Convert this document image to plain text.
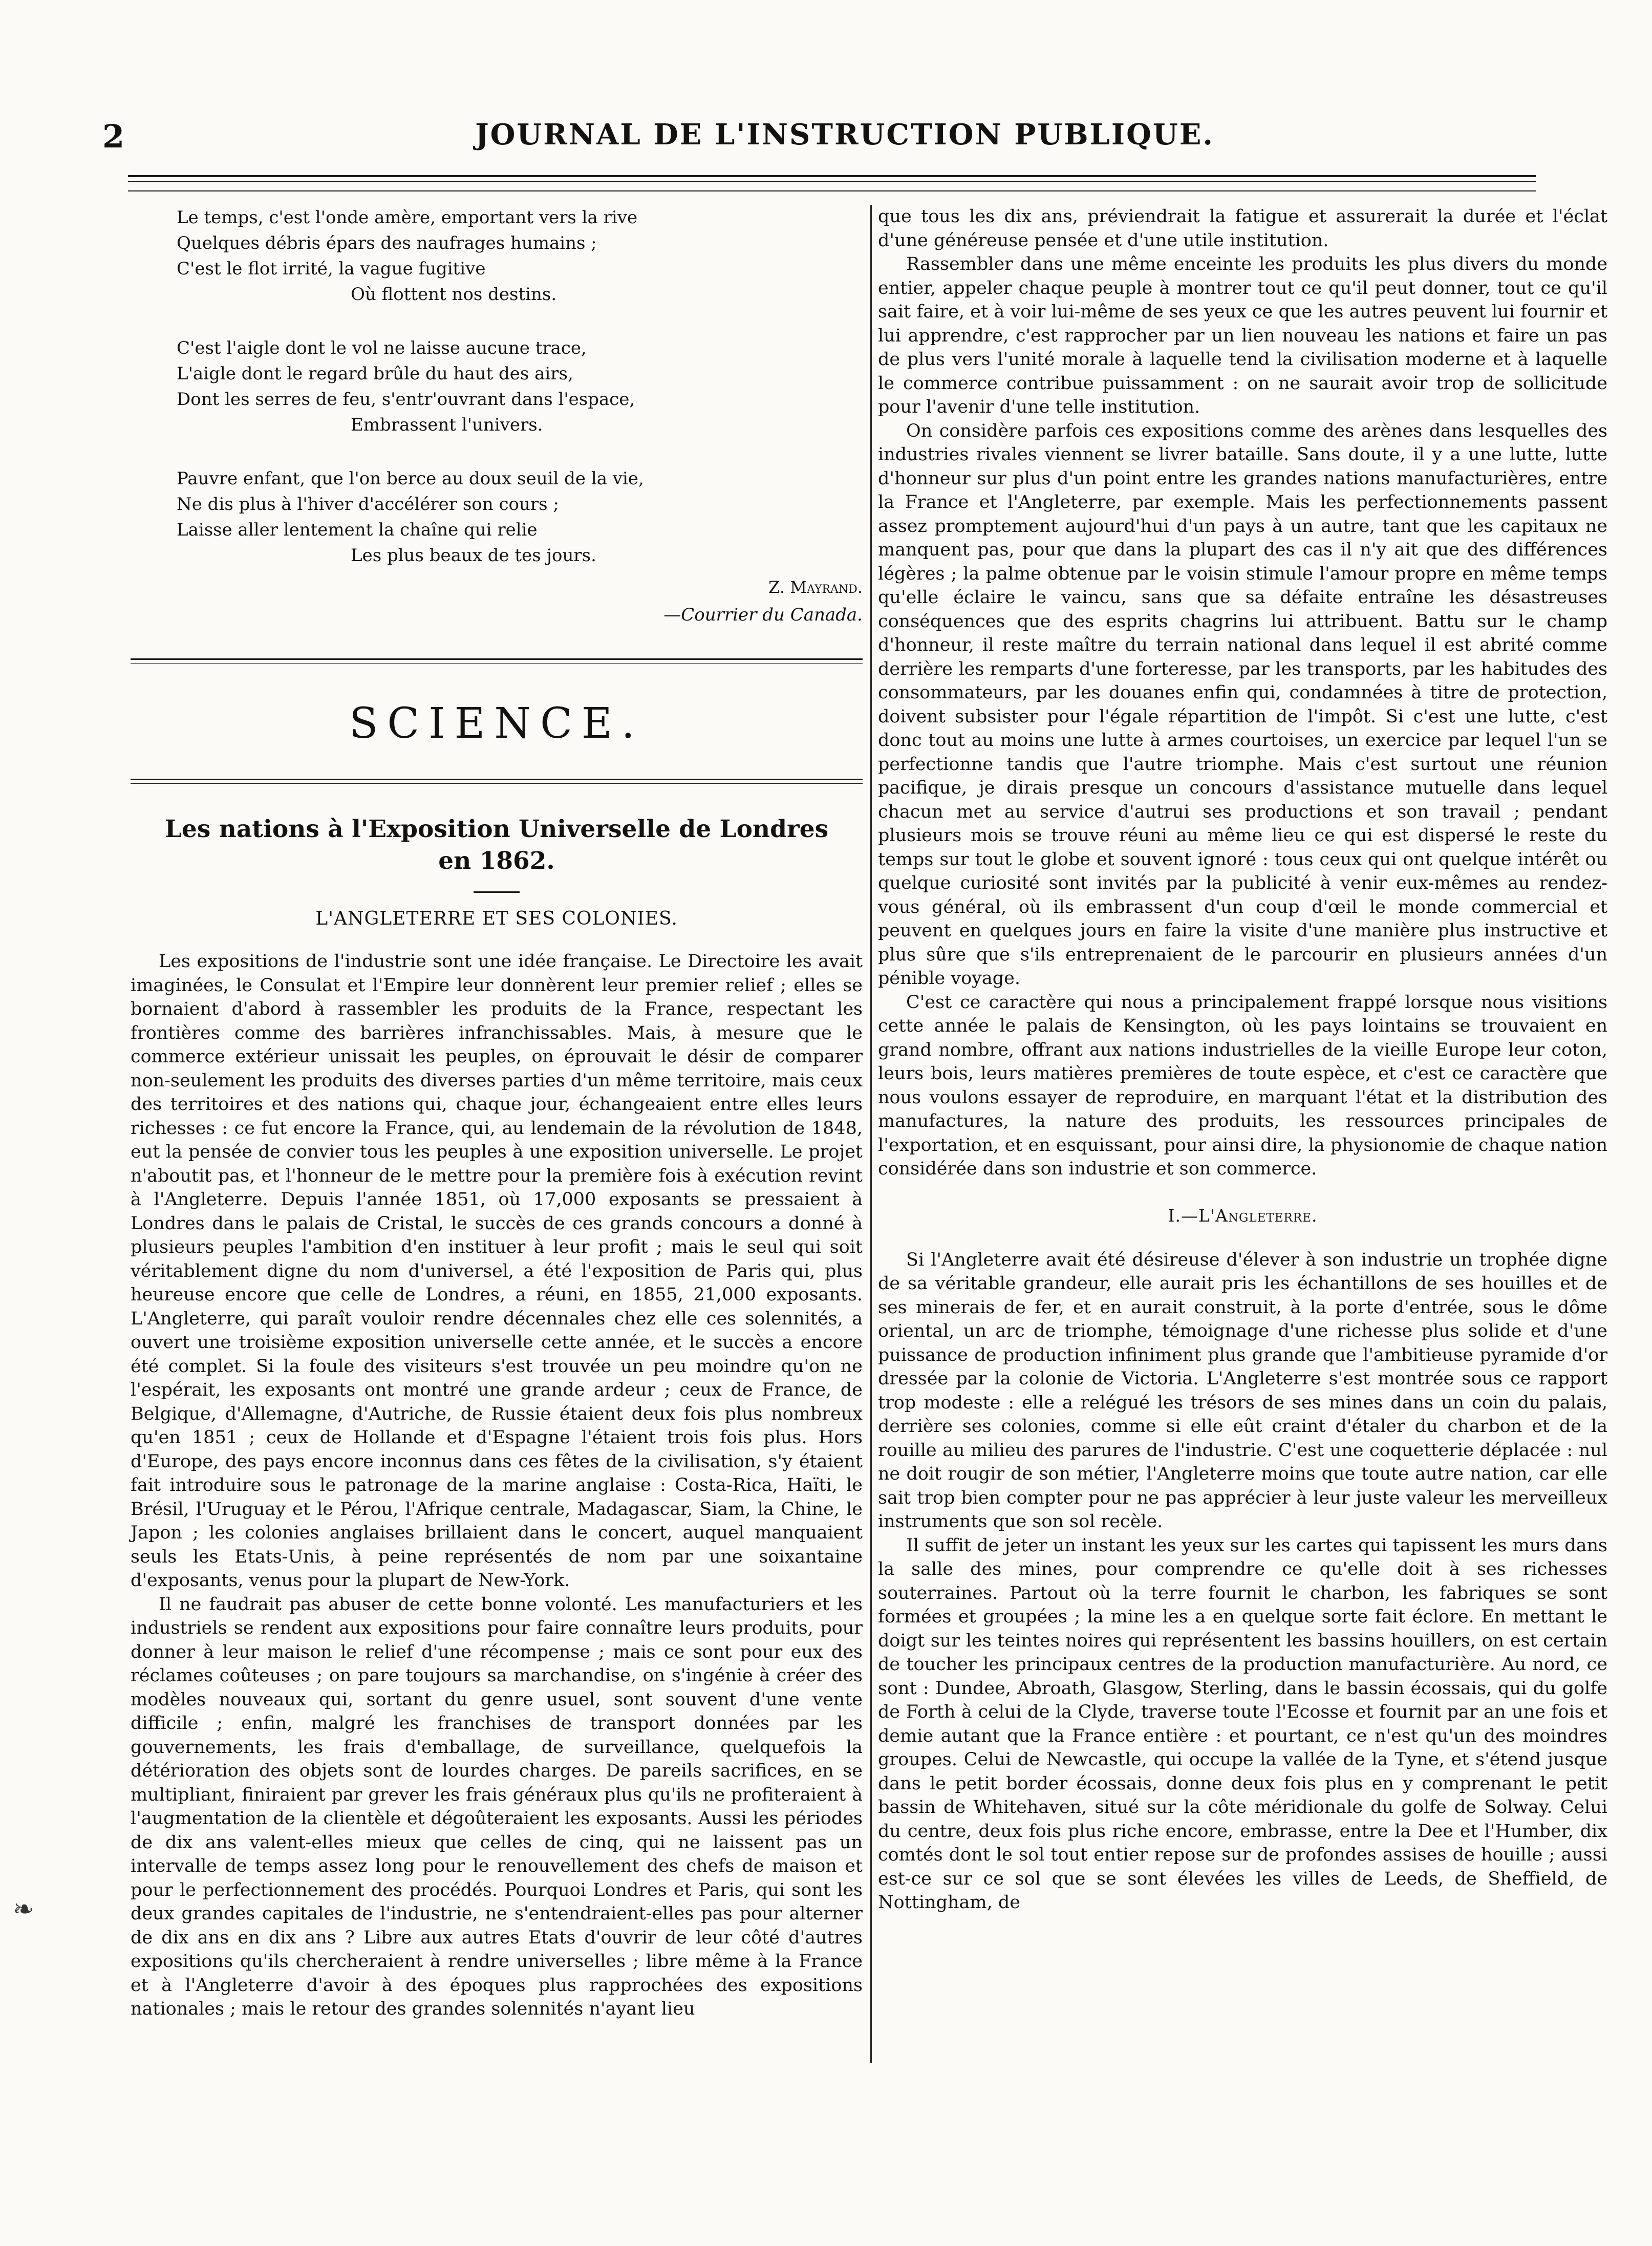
2	JOURNAL DE L'INSTRUCTION PUBLIQUE.

Le temps, c'est l'onde amère, emportant vers la rive

Quelques débris épars des naufrages humains ;

C'est le flot irrité, la vague fugitive

Où flottent nos destins.

C'est l'aigle dont le vol ne laisse aucune trace,

L'aigle dont le regard brûle du haut des airs,

Dont les serres de feu, s'entr'ouvrant dans l'espace,

Embrassent l'univers.

Pauvre enfant, que l'on berce au doux seuil de la vie,

Ne dis plus à l'hiver d'accélérer son cours ;

Laisse aller lentement la chaîne qui relie

Les plus beaux de tes jours.

Z. Mayrand.
—Courrier du Canada.
SCIENCE.
Les nations à l'Exposition Universelle de Londres en 1862.
L'ANGLETERRE ET SES COLONIES.

Les expositions de l'industrie sont une idée française. Le Directoire les avait imaginées, le Consulat et l'Empire leur donnèrent leur premier relief ; elles se bornaient d'abord à rassembler les produits de la France, respectant les frontières comme des barrières infranchissables. Mais, à mesure que le commerce extérieur unissait les peuples, on éprouvait le désir de comparer non-seulement les produits des diverses parties d'un même territoire, mais ceux des territoires et des nations qui, chaque jour, échangeaient entre elles leurs richesses : ce fut encore la France, qui, au lendemain de la révolution de 1848, eut la pensée de convier tous les peuples à une exposition universelle. Le projet n'aboutit pas, et l'honneur de le mettre pour la première fois à exécution revint à l'Angleterre. Depuis l'année 1851, où 17,000 exposants se pressaient à Londres dans le palais de Cristal, le succès de ces grands concours a donné à plusieurs peuples l'ambition d'en instituer à leur profit ; mais le seul qui soit véritablement digne du nom d'universel, a été l'exposition de Paris qui, plus heureuse encore que celle de Londres, a réuni, en 1855, 21,000 exposants. L'Angleterre, qui paraît vouloir rendre décennales chez elle ces solennités, a ouvert une troisième exposition universelle cette année, et le succès a encore été complet. Si la foule des visiteurs s'est trouvée un peu moindre qu'on ne l'espérait, les exposants ont montré une grande ardeur ; ceux de France, de Belgique, d'Allemagne, d'Autriche, de Russie étaient deux fois plus nombreux qu'en 1851 ; ceux de Hollande et d'Espagne l'étaient trois fois plus. Hors d'Europe, des pays encore inconnus dans ces fêtes de la civilisation, s'y étaient fait introduire sous le patronage de la marine anglaise : Costa-Rica, Haïti, le Brésil, l'Uruguay et le Pérou, l'Afrique centrale, Madagascar, Siam, la Chine, le Japon ; les colonies anglaises brillaient dans le concert, auquel manquaient seuls les Etats-Unis, à peine représentés de nom par une soixantaine d'exposants, venus pour la plupart de New-York.

Il ne faudrait pas abuser de cette bonne volonté. Les manufacturiers et les industriels se rendent aux expositions pour faire connaître leurs produits, pour donner à leur maison le relief d'une récompense ; mais ce sont pour eux des réclames coûteuses ; on pare toujours sa marchandise, on s'ingénie à créer des modèles nouveaux qui, sortant du genre usuel, sont souvent d'une vente difficile ; enfin, malgré les franchises de transport données par les gouvernements, les frais d'emballage, de surveillance, quelquefois la détérioration des objets sont de lourdes charges. De pareils sacrifices, en se multipliant, finiraient par grever les frais généraux plus qu'ils ne profiteraient à l'augmentation de la clientèle et dégoûteraient les exposants. Aussi les périodes de dix ans valent-elles mieux que celles de cinq, qui ne laissent pas un intervalle de temps assez long pour le renouvellement des chefs de maison et pour le perfectionnement des procédés. Pourquoi Londres et Paris, qui sont les deux grandes capitales de l'industrie, ne s'entendraient-elles pas pour alterner de dix ans en dix ans ? Libre aux autres Etats d'ouvrir de leur côté d'autres expositions qu'ils chercheraient à rendre universelles ; libre même à la France et à l'Angleterre d'avoir à des époques plus rapprochées des expositions nationales ; mais le retour des grandes solennités n'ayant lieu

que tous les dix ans, préviendrait la fatigue et assurerait la durée et l'éclat d'une généreuse pensée et d'une utile institution.

Rassembler dans une même enceinte les produits les plus divers du monde entier, appeler chaque peuple à montrer tout ce qu'il peut donner, tout ce qu'il sait faire, et à voir lui-même de ses yeux ce que les autres peuvent lui fournir et lui apprendre, c'est rapprocher par un lien nouveau les nations et faire un pas de plus vers l'unité morale à laquelle tend la civilisation moderne et à laquelle le commerce contribue puissamment : on ne saurait avoir trop de sollicitude pour l'avenir d'une telle institution.

On considère parfois ces expositions comme des arènes dans lesquelles des industries rivales viennent se livrer bataille. Sans doute, il y a une lutte, lutte d'honneur sur plus d'un point entre les grandes nations manufacturières, entre la France et l'Angleterre, par exemple. Mais les perfectionnements passent assez promptement aujourd'hui d'un pays à un autre, tant que les capitaux ne manquent pas, pour que dans la plupart des cas il n'y ait que des différences légères ; la palme obtenue par le voisin stimule l'amour propre en même temps qu'elle éclaire le vaincu, sans que sa défaite entraîne les désastreuses conséquences que des esprits chagrins lui attribuent. Battu sur le champ d'honneur, il reste maître du terrain national dans lequel il est abrité comme derrière les remparts d'une forteresse, par les transports, par les habitudes des consommateurs, par les douanes enfin qui, condamnées à titre de protection, doivent subsister pour l'égale répartition de l'impôt. Si c'est une lutte, c'est donc tout au moins une lutte à armes courtoises, un exercice par lequel l'un se perfectionne tandis que l'autre triomphe. Mais c'est surtout une réunion pacifique, je dirais presque un concours d'assistance mutuelle dans lequel chacun met au service d'autrui ses productions et son travail ; pendant plusieurs mois se trouve réuni au même lieu ce qui est dispersé le reste du temps sur tout le globe et souvent ignoré : tous ceux qui ont quelque intérêt ou quelque curiosité sont invités par la publicité à venir eux-mêmes au rendez-vous général, où ils embrassent d'un coup d'œil le monde commercial et peuvent en quelques jours en faire la visite d'une manière plus instructive et plus sûre que s'ils entreprenaient de le parcourir en plusieurs années d'un pénible voyage.

C'est ce caractère qui nous a principalement frappé lorsque nous visitions cette année le palais de Kensington, où les pays lointains se trouvaient en grand nombre, offrant aux nations industrielles de la vieille Europe leur coton, leurs bois, leurs matières premières de toute espèce, et c'est ce caractère que nous voulons essayer de reproduire, en marquant l'état et la distribution des manufactures, la nature des produits, les ressources principales de l'exportation, et en esquissant, pour ainsi dire, la physionomie de chaque nation considérée dans son industrie et son commerce.

I.—L'Angleterre.

Si l'Angleterre avait été désireuse d'élever à son industrie un trophée digne de sa véritable grandeur, elle aurait pris les échantillons de ses houilles et de ses minerais de fer, et en aurait construit, à la porte d'entrée, sous le dôme oriental, un arc de triomphe, témoignage d'une richesse plus solide et d'une puissance de production infiniment plus grande que l'ambitieuse pyramide d'or dressée par la colonie de Victoria. L'Angleterre s'est montrée sous ce rapport trop modeste : elle a relégué les trésors de ses mines dans un coin du palais, derrière ses colonies, comme si elle eût craint d'étaler du charbon et de la rouille au milieu des parures de l'industrie. C'est une coquetterie déplacée : nul ne doit rougir de son métier, l'Angleterre moins que toute autre nation, car elle sait trop bien compter pour ne pas apprécier à leur juste valeur les merveilleux instruments que son sol recèle.

Il suffit de jeter un instant les yeux sur les cartes qui tapissent les murs dans la salle des mines, pour comprendre ce qu'elle doit à ses richesses souterraines. Partout où la terre fournit le charbon, les fabriques se sont formées et groupées ; la mine les a en quelque sorte fait éclore. En mettant le doigt sur les teintes noires qui représentent les bassins houillers, on est certain de toucher les principaux centres de la production manufacturière. Au nord, ce sont : Dundee, Abroath, Glasgow, Sterling, dans le bassin écossais, qui du golfe de Forth à celui de la Clyde, traverse toute l'Ecosse et fournit par an une fois et demie autant que la France entière : et pourtant, ce n'est qu'un des moindres groupes. Celui de Newcastle, qui occupe la vallée de la Tyne, et s'étend jusque dans le petit border écossais, donne deux fois plus en y comprenant le petit bassin de Whitehaven, situé sur la côte méridionale du golfe de Solway. Celui du centre, deux fois plus riche encore, embrasse, entre la Dee et l'Humber, dix comtés dont le sol tout entier repose sur de profondes assises de houille ; aussi est-ce sur ce sol que se sont élevées les villes de Leeds, de Sheffield, de Nottingham, de

❧
